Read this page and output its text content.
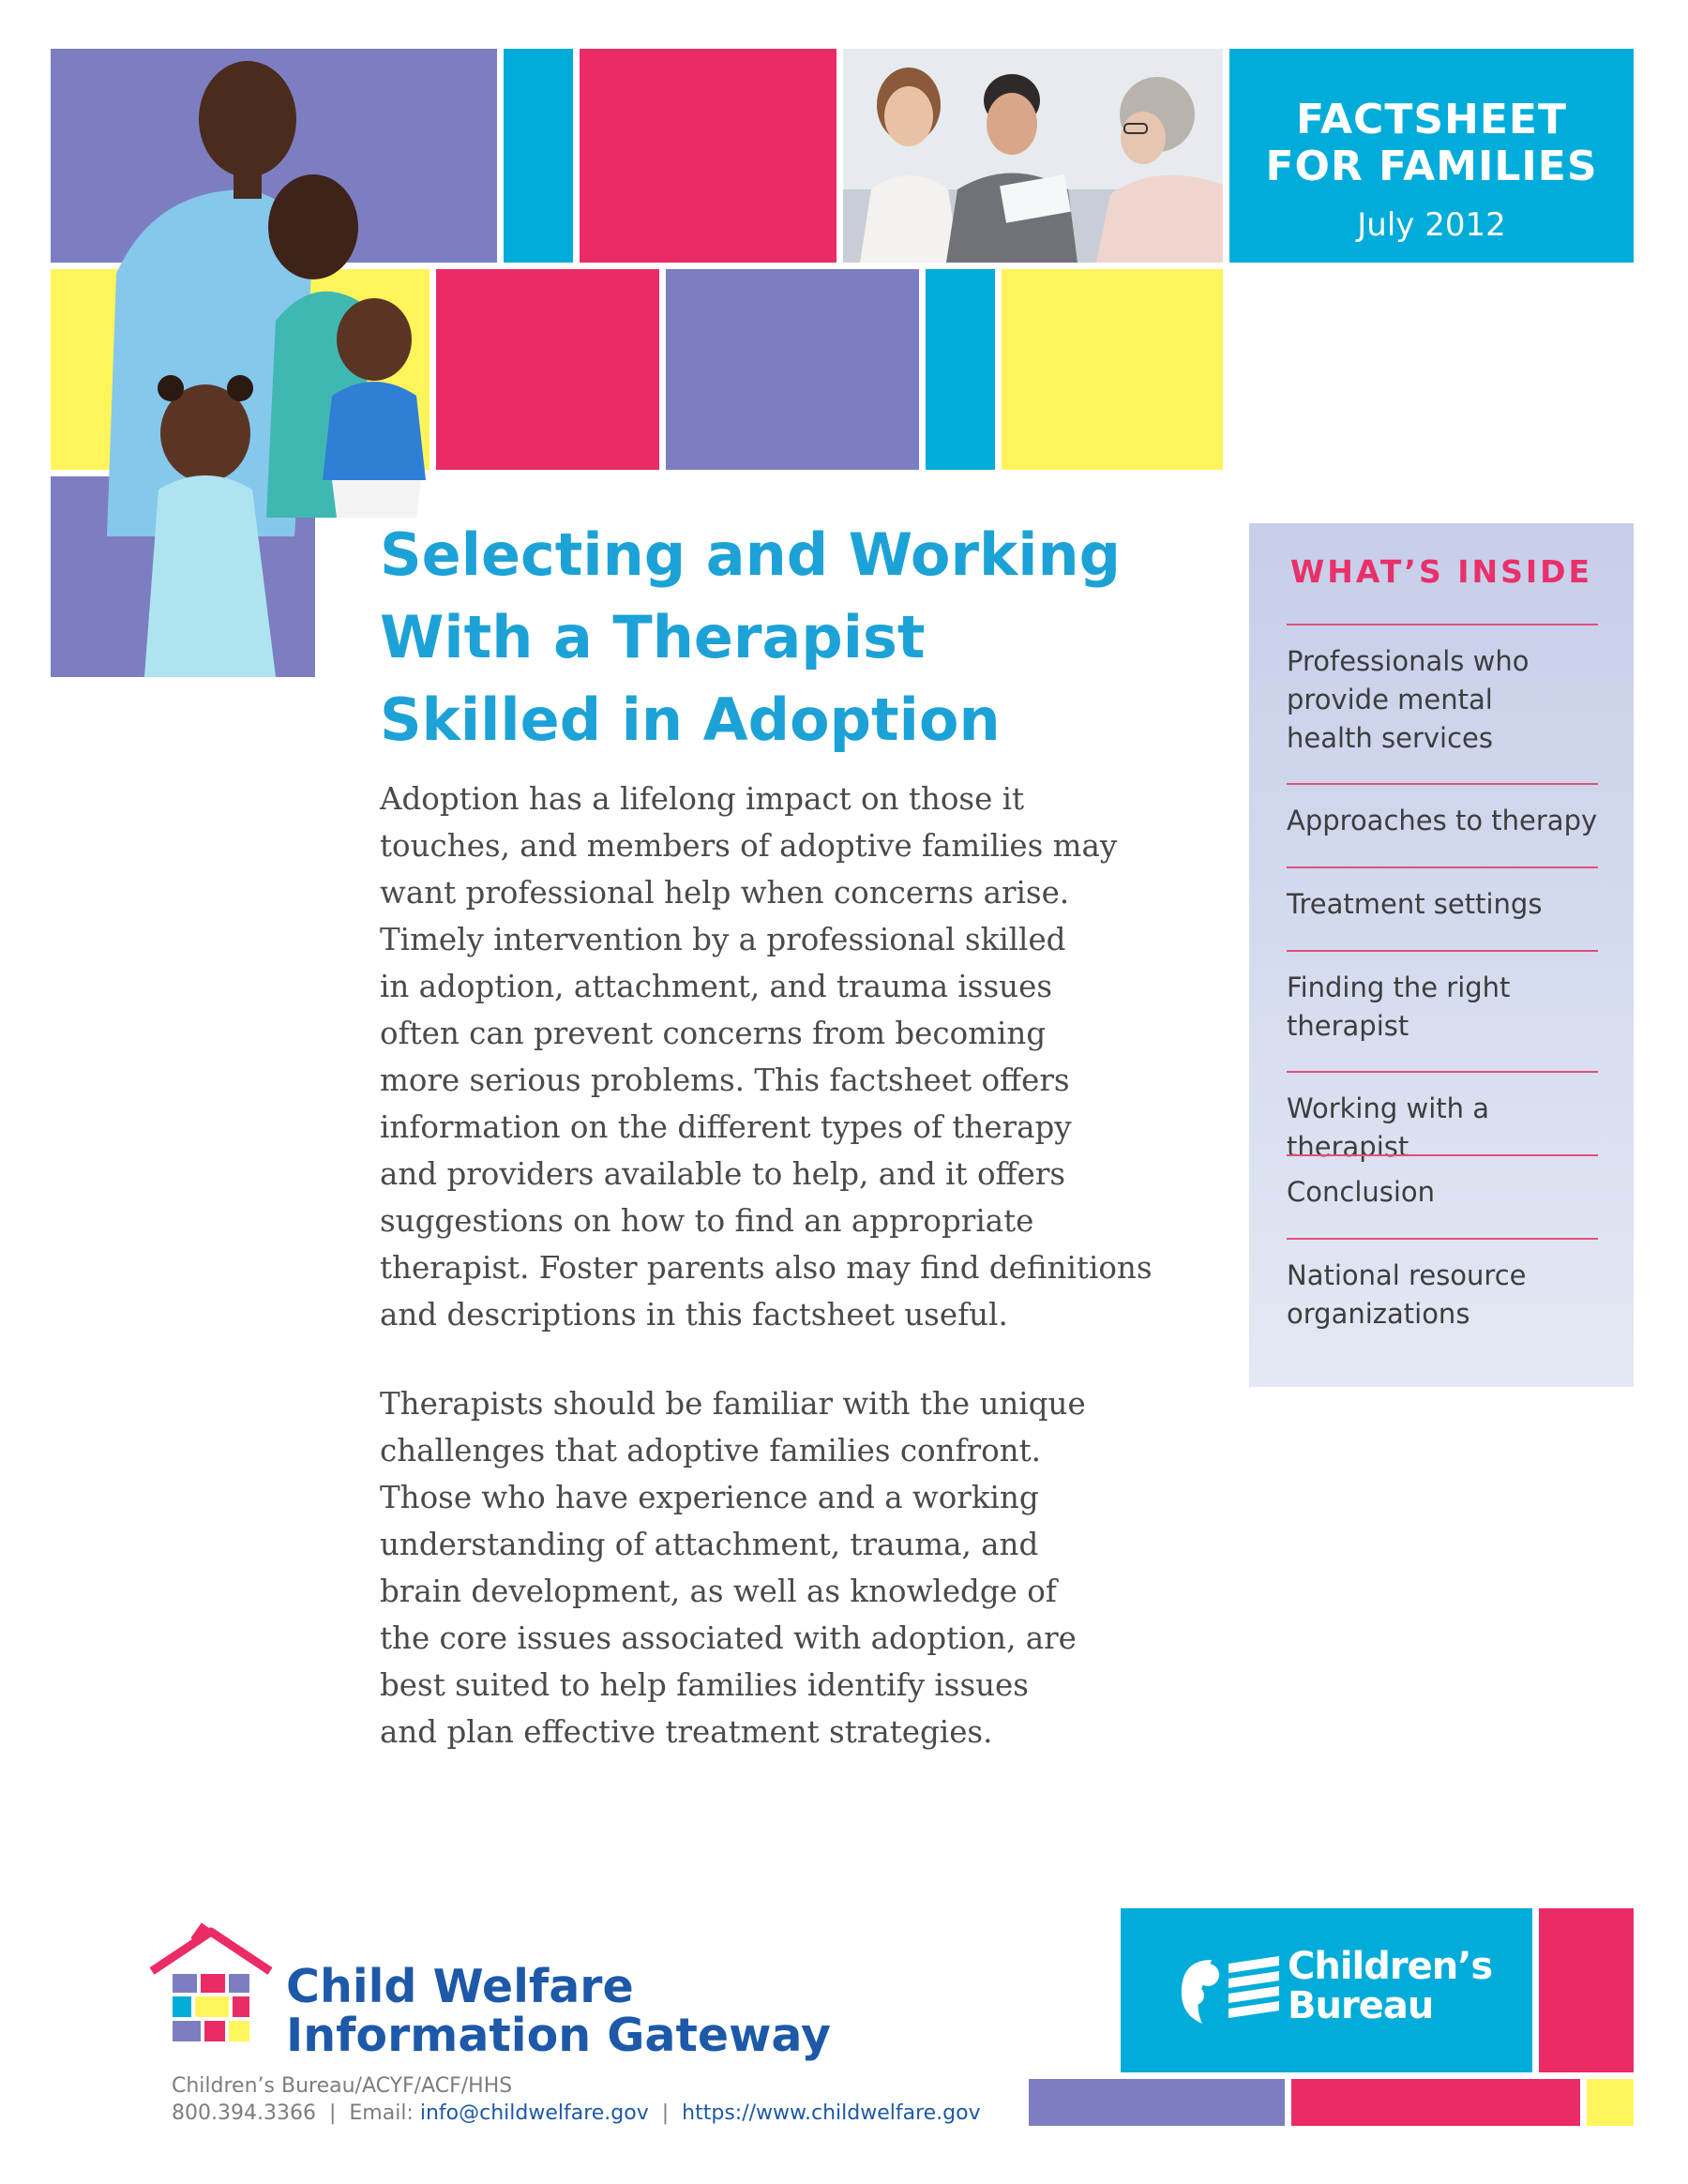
FACTSHEET
FOR FAMILIES
July 2012
Selecting and Working
With a Therapist
Skilled in Adoption
Adoption has a lifelong impact on those it
touches, and members of adoptive families may
want professional help when concerns arise.
Timely intervention by a professional skilled
in adoption, attachment, and trauma issues
often can prevent concerns from becoming
more serious problems. This factsheet offers
information on the different types of therapy
and providers available to help, and it offers
suggestions on how to find an appropriate
therapist. Foster parents also may find definitions
and descriptions in this factsheet useful.
Therapists should be familiar with the unique
challenges that adoptive families confront.
Those who have experience and a working
understanding of attachment, trauma, and
brain development, as well as knowledge of
the core issues associated with adoption, are
best suited to help families identify issues
and plan effective treatment strategies.
WHAT’S INSIDE
Professionals who
provide mental
health services
Approaches to therapy
Treatment settings
Finding the right
therapist
Working with a therapist
Conclusion
National resource
organizations
Child Welfare
Information Gateway
Children’s Bureau/ACYF/ACF/HHS
800.394.3366 | Email: info@childwelfare.gov | https://www.childwelfare.gov
Children’s
Bureau
